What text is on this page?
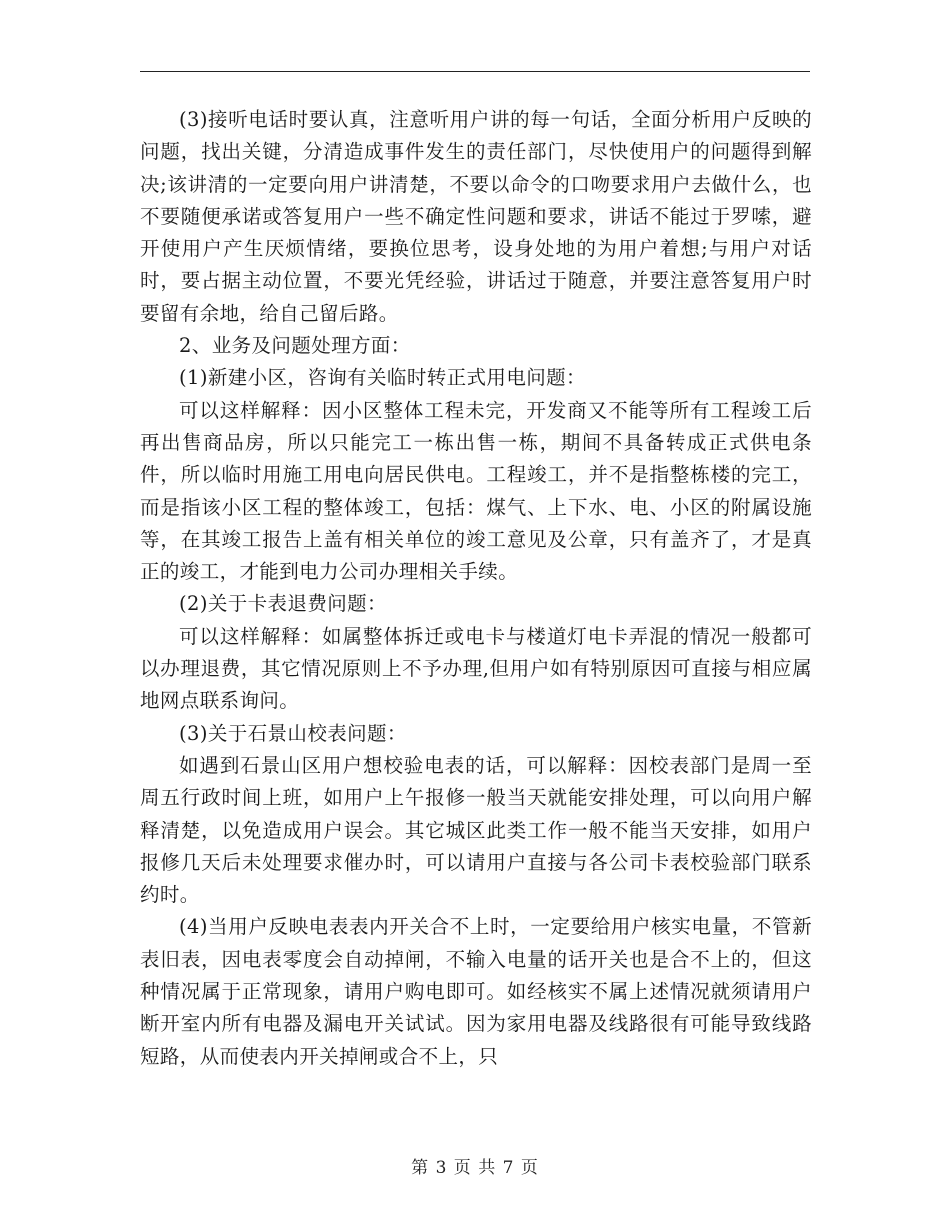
(3)接听电话时要认真，注意听用户讲的每一句话，全面分析用户反映的问题，找出关键，分清造成事件发生的责任部门，尽快使用户的问题得到解决;该讲清的一定要向用户讲清楚，不要以命令的口吻要求用户去做什么，也不要随便承诺或答复用户一些不确定性问题和要求，讲话不能过于罗嗦，避开使用户产生厌烦情绪，要换位思考，设身处地的为用户着想;与用户对话时，要占据主动位置，不要光凭经验，讲话过于随意，并要注意答复用户时要留有余地，给自己留后路。

2、业务及问题处理方面：

(1)新建小区，咨询有关临时转正式用电问题：

可以这样解释：因小区整体工程未完，开发商又不能等所有工程竣工后再出售商品房，所以只能完工一栋出售一栋，期间不具备转成正式供电条件，所以临时用施工用电向居民供电。工程竣工，并不是指整栋楼的完工，而是指该小区工程的整体竣工，包括：煤气、上下水、电、小区的附属设施等，在其竣工报告上盖有相关单位的竣工意见及公章，只有盖齐了，才是真正的竣工，才能到电力公司办理相关手续。

(2)关于卡表退费问题：

可以这样解释：如属整体拆迁或电卡与楼道灯电卡弄混的情况一般都可以办理退费，其它情况原则上不予办理,但用户如有特别原因可直接与相应属地网点联系询问。

(3)关于石景山校表问题：

如遇到石景山区用户想校验电表的话，可以解释：因校表部门是周一至周五行政时间上班，如用户上午报修一般当天就能安排处理，可以向用户解释清楚，以免造成用户误会。其它城区此类工作一般不能当天安排，如用户报修几天后未处理要求催办时，可以请用户直接与各公司卡表校验部门联系约时。

(4)当用户反映电表表内开关合不上时，一定要给用户核实电量，不管新表旧表，因电表零度会自动掉闸，不输入电量的话开关也是合不上的，但这种情况属于正常现象，请用户购电即可。如经核实不属上述情况就须请用户断开室内所有电器及漏电开关试试。因为家用电器及线路很有可能导致线路短路，从而使表内开关掉闸或合不上，只

第 3 页 共 7 页
